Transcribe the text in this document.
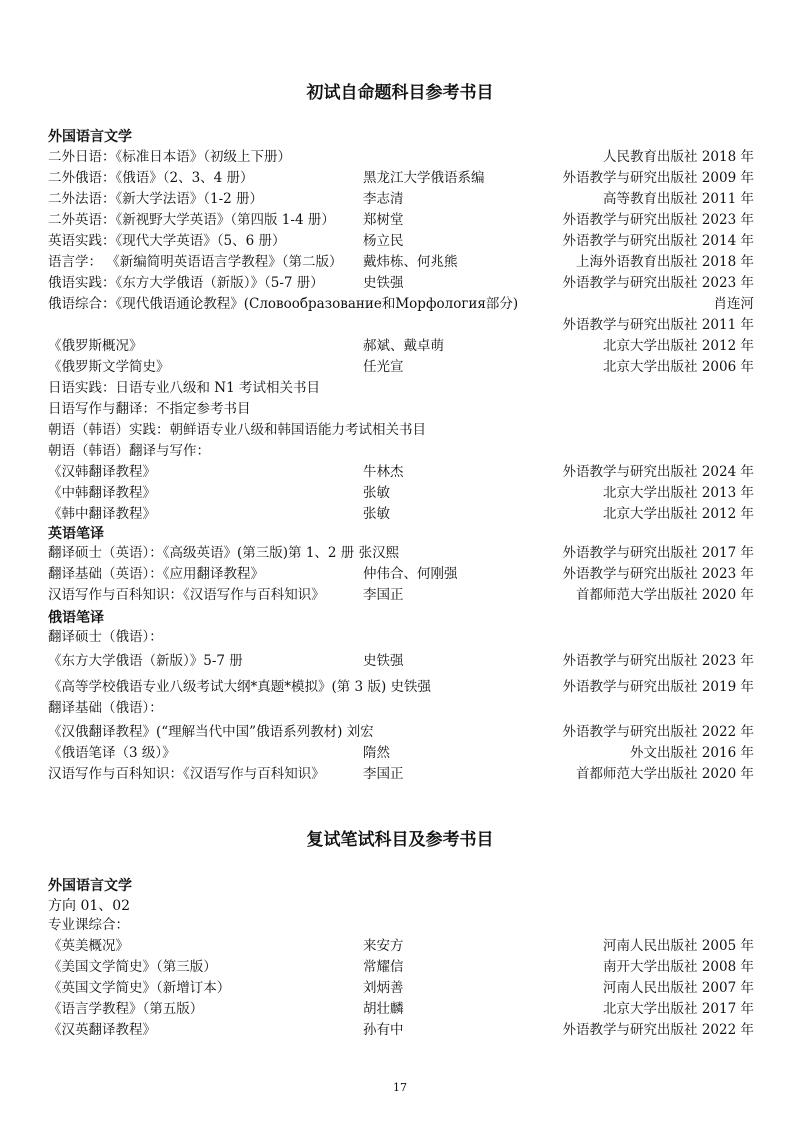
初试自命题科目参考书目
外国语言文学
二外日语：《标准日本语》（初级上下册）	人民教育出版社 2018 年
二外俄语：《俄语》（2、3、4 册）	黑龙江大学俄语系编	外语教学与研究出版社 2009 年
二外法语：《新大学法语》（1-2 册）	李志清	高等教育出版社 2011 年
二外英语：《新视野大学英语》（第四版 1-4 册） 郑树堂	外语教学与研究出版社 2023 年
英语实践：《现代大学英语》（5、6 册）	杨立民	外语教学与研究出版社 2014 年
语言学： 《新编简明英语语言学教程》（第二版） 戴炜栋、何兆熊	上海外语教育出版社 2018 年
俄语实践：《东方大学俄语（新版）》（5-7 册）	史铁强	外语教学与研究出版社 2023 年
俄语综合：《现代俄语通论教程》(Словообразование和Морфология部分)	肖连河
外语教学与研究出版社 2011 年
《俄罗斯概况》	郝斌、戴卓萌	北京大学出版社 2012 年
《俄罗斯文学简史》	任光宣	北京大学出版社 2006 年
日语实践：日语专业八级和 N1 考试相关书目
日语写作与翻译：不指定参考书目
朝语（韩语）实践：朝鲜语专业八级和韩国语能力考试相关书目
朝语（韩语）翻译与写作：
《汉韩翻译教程》	牛林杰	外语教学与研究出版社 2024 年
《中韩翻译教程》	张敏	北京大学出版社 2013 年
《韩中翻译教程》	张敏	北京大学出版社 2012 年
英语笔译
翻译硕士（英语）：《高级英语》(第三版)第 1、2 册 张汉熙	外语教学与研究出版社 2017 年
翻译基础（英语）：《应用翻译教程》	仲伟合、何刚强	外语教学与研究出版社 2023 年
汉语写作与百科知识：《汉语写作与百科知识》	李国正	首都师范大学出版社 2020 年
俄语笔译
翻译硕士（俄语）：
《东方大学俄语（新版）》5-7 册	史铁强	外语教学与研究出版社 2023 年
《高等学校俄语专业八级考试大纲*真题*模拟》(第 3 版) 史铁强	外语教学与研究出版社 2019 年
翻译基础（俄语）：
《汉俄翻译教程》(“理解当代中国”俄语系列教材) 刘宏	外语教学与研究出版社 2022 年
《俄语笔译（3 级）》	隋然	外文出版社 2016 年
汉语写作与百科知识：《汉语写作与百科知识》	李国正	首都师范大学出版社 2020 年
复试笔试科目及参考书目
外国语言文学
方向 01、02
专业课综合：
《英美概况》	来安方	河南人民出版社 2005 年
《美国文学简史》（第三版）	常耀信	南开大学出版社 2008 年
《英国文学简史》（新增订本）	刘炳善	河南人民出版社 2007 年
《语言学教程》（第五版）	胡壮麟	北京大学出版社 2017 年
《汉英翻译教程》	孙有中	外语教学与研究出版社 2022 年
17
